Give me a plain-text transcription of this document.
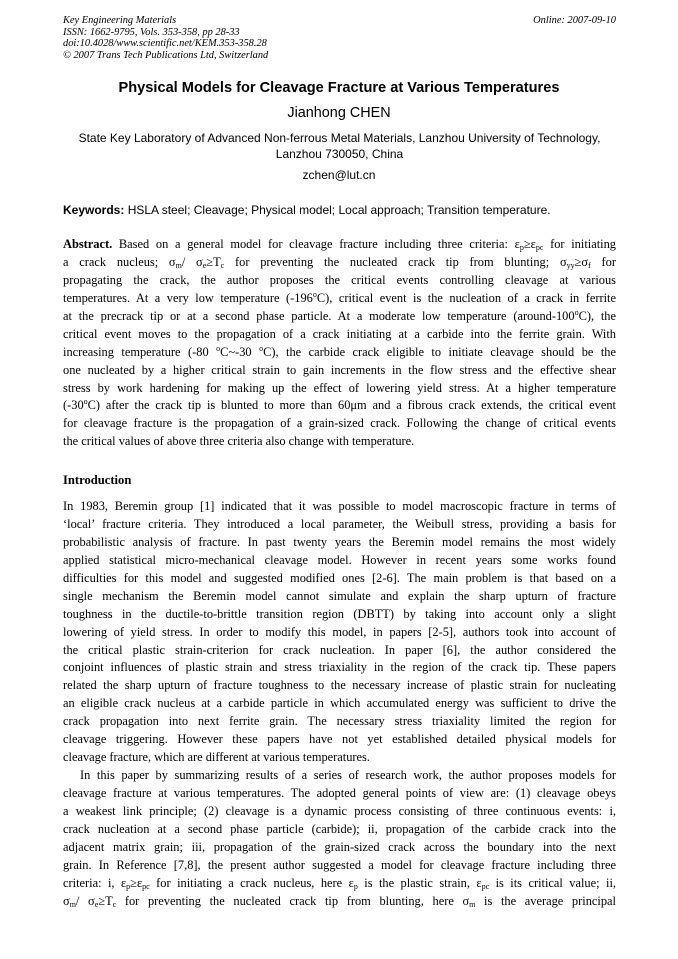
Key Engineering Materials
ISSN: 1662-9795, Vols. 353-358, pp 28-33
doi:10.4028/www.scientific.net/KEM.353-358.28
© 2007 Trans Tech Publications Ltd, Switzerland
Online: 2007-09-10
Physical Models for Cleavage Fracture at Various Temperatures
Jianhong CHEN
State Key Laboratory of Advanced Non-ferrous Metal Materials, Lanzhou University of Technology,
Lanzhou 730050, China
zchen@lut.cn
Keywords: HSLA steel; Cleavage; Physical model; Local approach; Transition temperature.
Abstract. Based on a general model for cleavage fracture including three criteria: $\varepsilon_p\ge\varepsilon_{pc}$ for initiating
a crack nucleus; $\sigma_m/$ $\sigma_e\ge T_c$ for preventing the nucleated crack tip from blunting; $\sigma_{yy}\ge\sigma_f$ for
propagating the crack, the author proposes the critical events controlling cleavage at various
temperatures. At a very low temperature (-196$^o$C), critical event is the nucleation of a crack in ferrite
at the precrack tip or at a second phase particle. At a moderate low temperature (around-100$^o$C), the
critical event moves to the propagation of a crack initiating at a carbide into the ferrite grain. With
increasing temperature (-80 $^o$C~-30 $^o$C), the carbide crack eligible to initiate cleavage should be the
one nucleated by a higher critical strain to gain increments in the flow stress and the effective shear
stress by work hardening for making up the effect of lowering yield stress. At a higher temperature
(-30$^o$C) after the crack tip is blunted to more than 60μm and a fibrous crack extends, the critical event
for cleavage fracture is the propagation of a grain-sized crack. Following the change of critical events
the critical values of above three criteria also change with temperature.
Introduction
In 1983, Beremin group [1] indicated that it was possible to model macroscopic fracture in terms of
‘local’ fracture criteria. They introduced a local parameter, the Weibull stress, providing a basis for
probabilistic analysis of fracture. In past twenty years the Beremin model remains the most widely
applied statistical micro-mechanical cleavage model. However in recent years some works found
difficulties for this model and suggested modified ones [2-6]. The main problem is that based on a
single mechanism the Beremin model cannot simulate and explain the sharp upturn of fracture
toughness in the ductile-to-brittle transition region (DBTT) by taking into account only a slight
lowering of yield stress. In order to modify this model, in papers [2-5], authors took into account of
the critical plastic strain-criterion for crack nucleation. In paper [6], the author considered the
conjoint influences of plastic strain and stress triaxiality in the region of the crack tip. These papers
related the sharp upturn of fracture toughness to the necessary increase of plastic strain for nucleating
an eligible crack nucleus at a carbide particle in which accumulated energy was sufficient to drive the
crack propagation into next ferrite grain. The necessary stress triaxiality limited the region for
cleavage triggering. However these papers have not yet established detailed physical models for
cleavage fracture, which are different at various temperatures.
In this paper by summarizing results of a series of research work, the author proposes models for
cleavage fracture at various temperatures. The adopted general points of view are: (1) cleavage obeys
a weakest link principle; (2) cleavage is a dynamic process consisting of three continuous events: i,
crack nucleation at a second phase particle (carbide); ii, propagation of the carbide crack into the
adjacent matrix grain; iii, propagation of the grain-sized crack across the boundary into the next
grain. In Reference [7,8], the present author suggested a model for cleavage fracture including three
criteria: i, $\varepsilon_p\ge\varepsilon_{pc}$ for initiating a crack nucleus, here $\varepsilon_p$ is the plastic strain, $\varepsilon_{pc}$ is its critical value; ii,
$\sigma_m/$ $\sigma_e\ge T_c$ for preventing the nucleated crack tip from blunting, here $\sigma_m$ is the average principal
